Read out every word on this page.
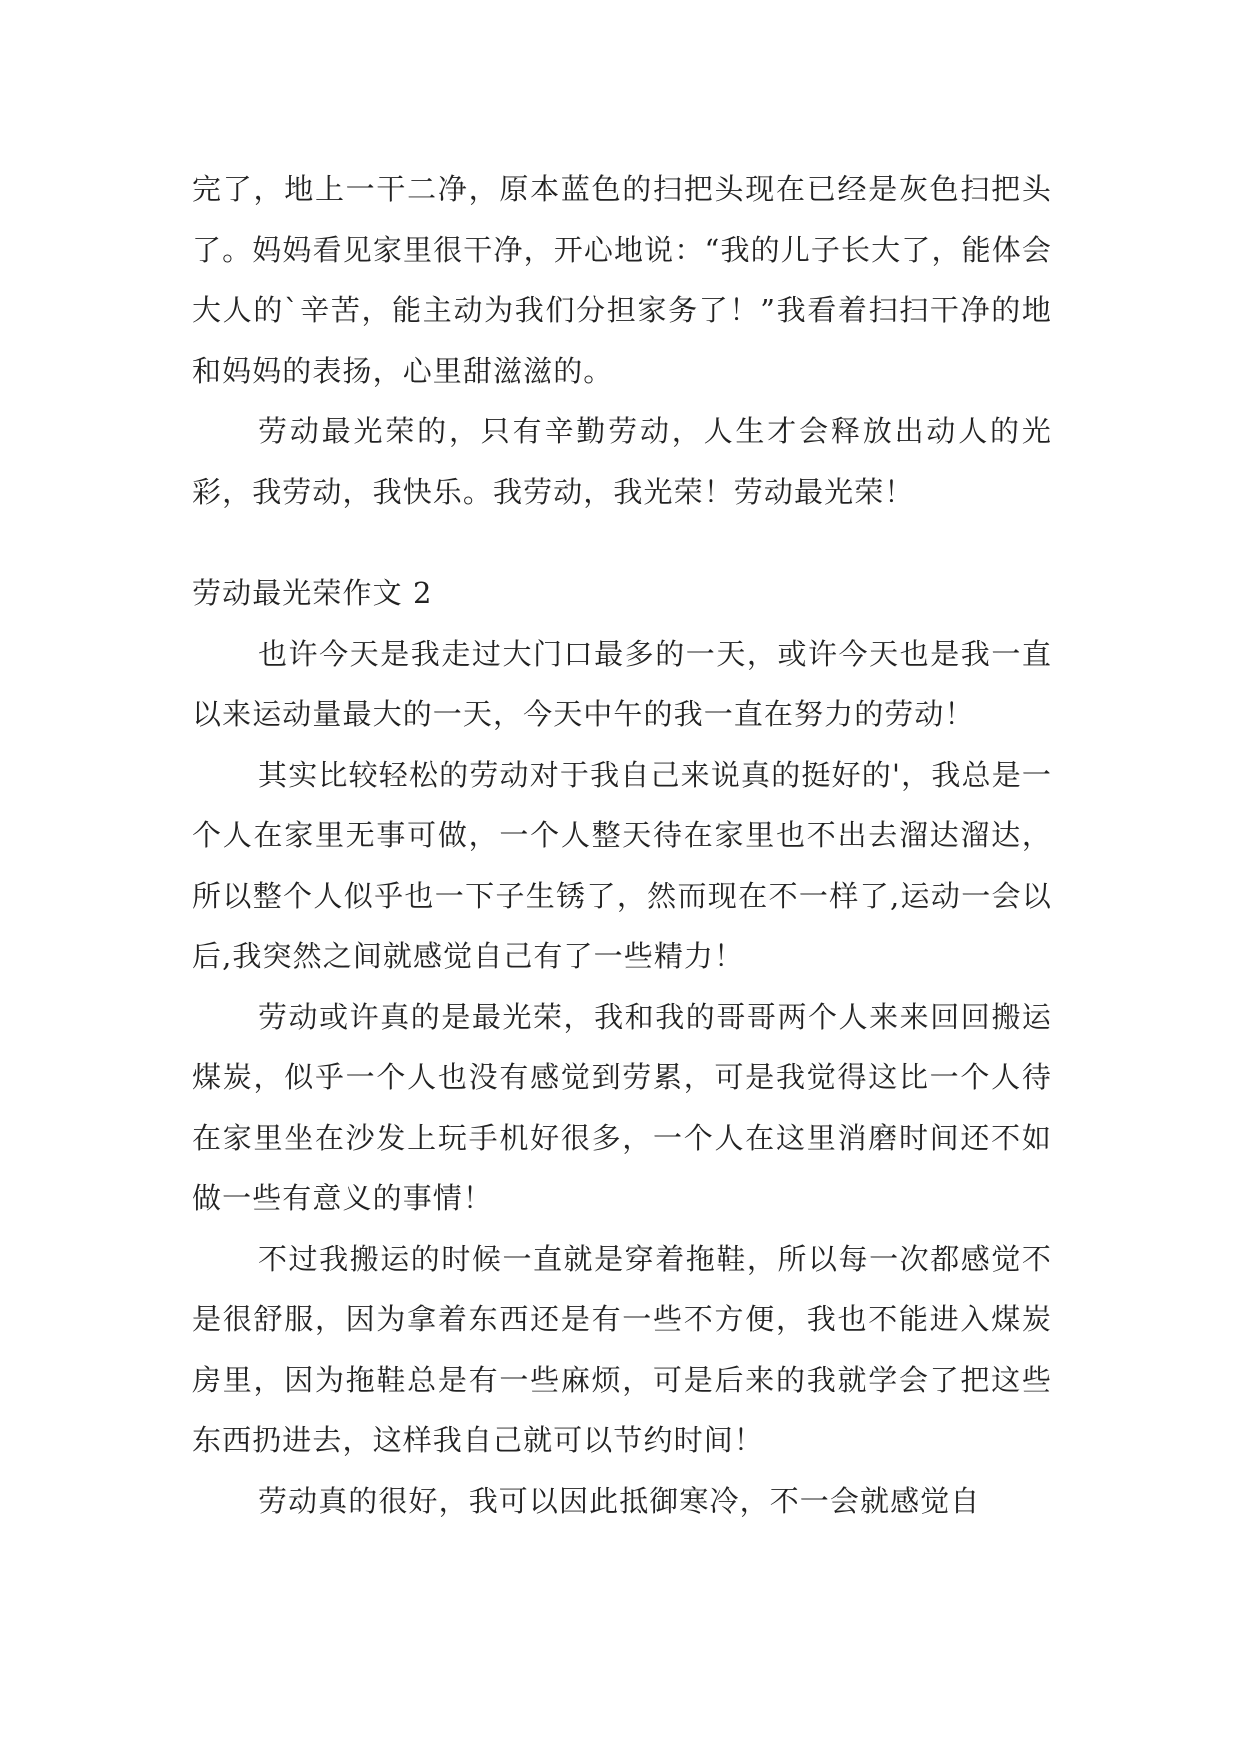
完了，地上一干二净，原本蓝色的扫把头现在已经是灰色扫把头了。妈妈看见家里很干净，开心地说：“我的儿子长大了，能体会大人的`辛苦，能主动为我们分担家务了！”我看着扫扫干净的地和妈妈的表扬，心里甜滋滋的。

劳动最光荣的，只有辛勤劳动，人生才会释放出动人的光彩，我劳动，我快乐。我劳动，我光荣！劳动最光荣！

劳动最光荣作文 2

也许今天是我走过大门口最多的一天，或许今天也是我一直以来运动量最大的一天，今天中午的我一直在努力的劳动！

其实比较轻松的劳动对于我自己来说真的挺好的'，我总是一个人在家里无事可做，一个人整天待在家里也不出去溜达溜达，所以整个人似乎也一下子生锈了，然而现在不一样了,运动一会以后,我突然之间就感觉自己有了一些精力！

劳动或许真的是最光荣，我和我的哥哥两个人来来回回搬运煤炭，似乎一个人也没有感觉到劳累，可是我觉得这比一个人待在家里坐在沙发上玩手机好很多，一个人在这里消磨时间还不如做一些有意义的事情！

不过我搬运的时候一直就是穿着拖鞋，所以每一次都感觉不是很舒服，因为拿着东西还是有一些不方便，我也不能进入煤炭房里，因为拖鞋总是有一些麻烦，可是后来的我就学会了把这些东西扔进去，这样我自己就可以节约时间！

劳动真的很好，我可以因此抵御寒冷，不一会就感觉自
